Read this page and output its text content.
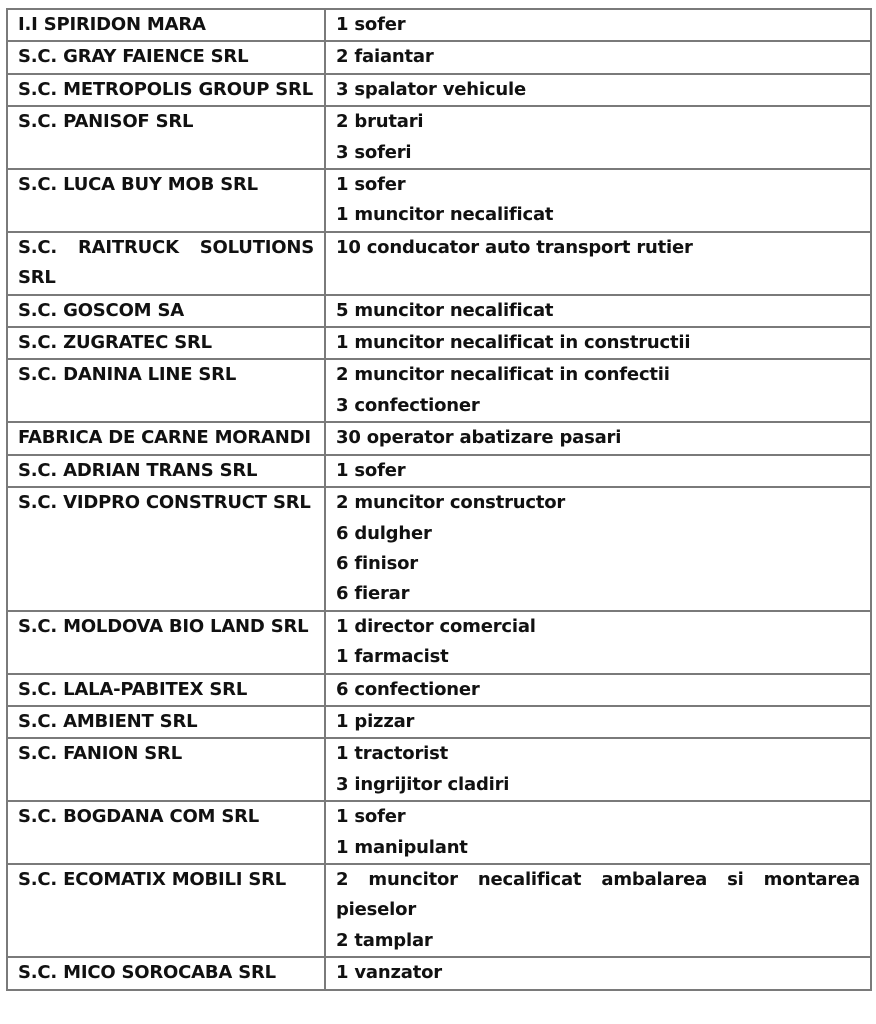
I.I SPIRIDON MARA	1 sofer

S.C. GRAY FAIENCE SRL	2 faiantar

S.C. METROPOLIS GROUP SRL	3 spalator vehicule

S.C. PANISOF SRL	2 brutari
3 soferi

S.C. LUCA BUY MOB SRL	1 sofer
1 muncitor necalificat

S.C. RAITRUCK SOLUTIONS SRL	10 conducator auto transport rutier

S.C. GOSCOM SA	5 muncitor necalificat

S.C. ZUGRATEC SRL	1 muncitor necalificat in constructii

S.C. DANINA LINE SRL	2 muncitor necalificat in confectii
3 confectioner

FABRICA DE CARNE MORANDI	30 operator abatizare pasari

S.C. ADRIAN TRANS SRL	1 sofer

S.C. VIDPRO CONSTRUCT SRL	2 muncitor constructor
6 dulgher
6 finisor
6 fierar

S.C. MOLDOVA BIO LAND SRL	1 director comercial
1 farmacist

S.C. LALA-PABITEX SRL	6 confectioner

S.C. AMBIENT SRL	1 pizzar

S.C. FANION SRL	1 tractorist
3 ingrijitor cladiri

S.C. BOGDANA COM SRL	1 sofer
1 manipulant

S.C. ECOMATIX MOBILI SRL	2 muncitor necalificat ambalarea si montarea pieselor
2 tamplar

S.C. MICO SOROCABA SRL	1 vanzator
